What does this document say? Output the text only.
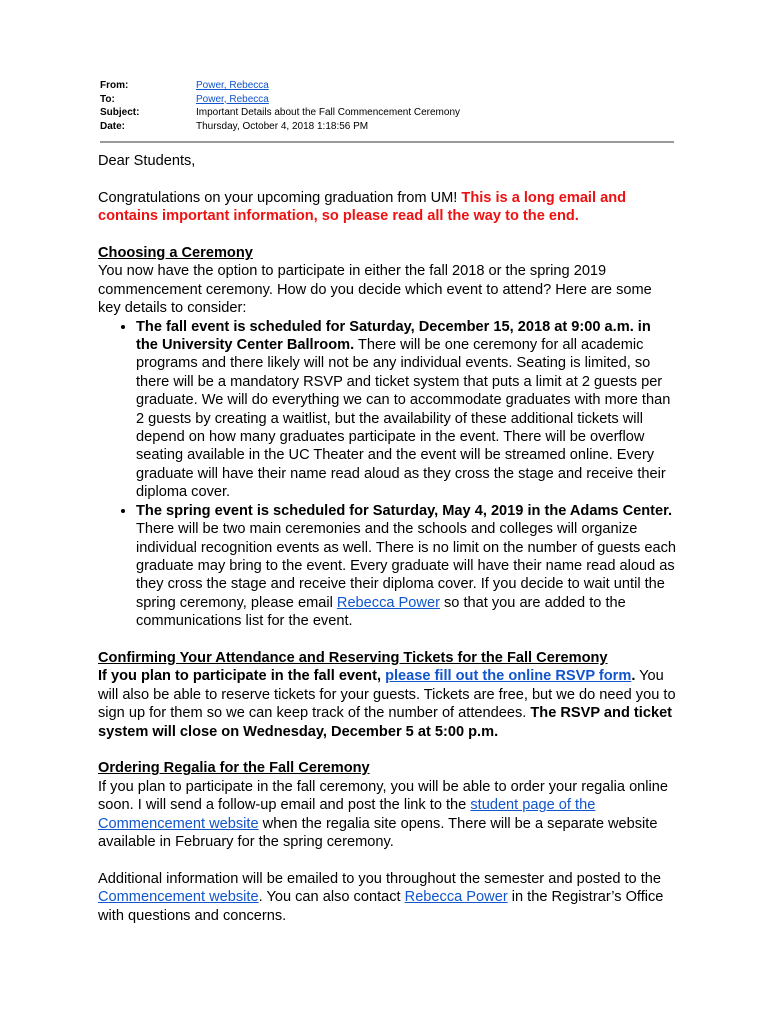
From:	Power, Rebecca
To:	Power, Rebecca
Subject:	Important Details about the Fall Commencement Ceremony
Date:	Thursday, October 4, 2018 1:18:56 PM

Dear Students,

Congratulations on your upcoming graduation from UM! This is a long email and contains important information, so please read all the way to the end.

Choosing a Ceremony

You now have the option to participate in either the fall 2018 or the spring 2019 commencement ceremony. How do you decide which event to attend? Here are some key details to consider:

• The fall event is scheduled for Saturday, December 15, 2018 at 9:00 a.m. in the University Center Ballroom. There will be one ceremony for all academic programs and there likely will not be any individual events. Seating is limited, so there will be a mandatory RSVP and ticket system that puts a limit at 2 guests per graduate. We will do everything we can to accommodate graduates with more than 2 guests by creating a waitlist, but the availability of these additional tickets will depend on how many graduates participate in the event. There will be overflow seating available in the UC Theater and the event will be streamed online. Every graduate will have their name read aloud as they cross the stage and receive their diploma cover.
• The spring event is scheduled for Saturday, May 4, 2019 in the Adams Center. There will be two main ceremonies and the schools and colleges will organize individual recognition events as well. There is no limit on the number of guests each graduate may bring to the event. Every graduate will have their name read aloud as they cross the stage and receive their diploma cover. If you decide to wait until the spring ceremony, please email Rebecca Power so that you are added to the communications list for the event.

Confirming Your Attendance and Reserving Tickets for the Fall Ceremony

If you plan to participate in the fall event, please fill out the online RSVP form. You will also be able to reserve tickets for your guests. Tickets are free, but we do need you to sign up for them so we can keep track of the number of attendees. The RSVP and ticket system will close on Wednesday, December 5 at 5:00 p.m.

Ordering Regalia for the Fall Ceremony

If you plan to participate in the fall ceremony, you will be able to order your regalia online soon. I will send a follow-up email and post the link to the student page of the Commencement website when the regalia site opens. There will be a separate website available in February for the spring ceremony.

Additional information will be emailed to you throughout the semester and posted to the Commencement website. You can also contact Rebecca Power in the Registrar’s Office with questions and concerns.
